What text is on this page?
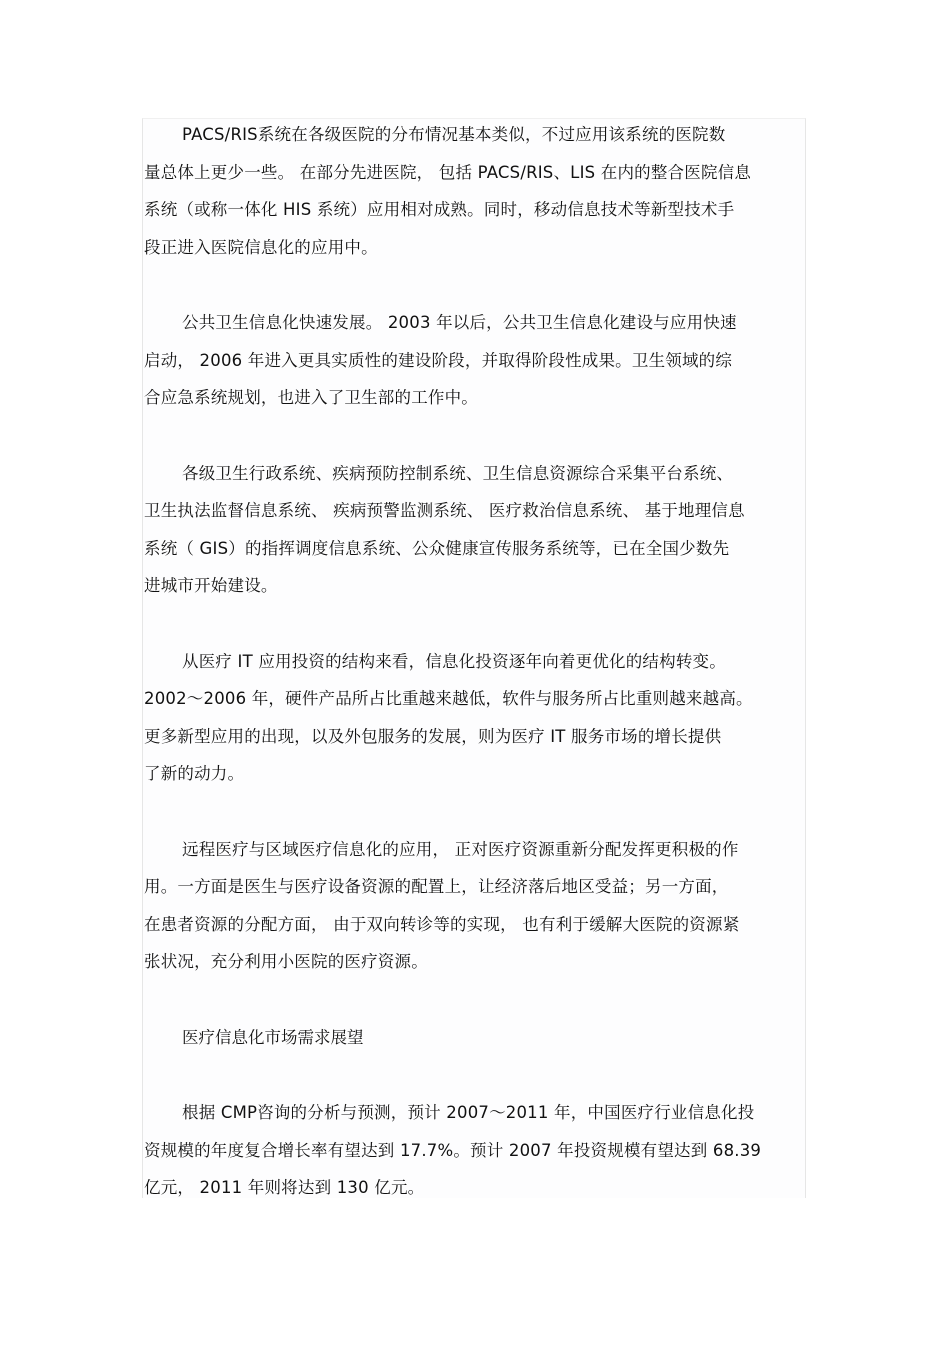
PACS/RIS系统在各级医院的分布情况基本类似，不过应用该系统的医院数
量总体上更少一些。 在部分先进医院， 包括 PACS/RIS、LIS 在内的整合医院信息
系统（或称一体化 HIS 系统）应用相对成熟。同时，移动信息技术等新型技术手
段正进入医院信息化的应用中。

公共卫生信息化快速发展。 2003 年以后，公共卫生信息化建设与应用快速
启动， 2006 年进入更具实质性的建设阶段，并取得阶段性成果。卫生领域的综
合应急系统规划，也进入了卫生部的工作中。

各级卫生行政系统、疾病预防控制系统、卫生信息资源综合采集平台系统、
卫生执法监督信息系统、 疾病预警监测系统、 医疗救治信息系统、 基于地理信息
系统（ GIS）的指挥调度信息系统、公众健康宣传服务系统等，已在全国少数先
进城市开始建设。

从医疗 IT 应用投资的结构来看，信息化投资逐年向着更优化的结构转变。
2002～2006 年，硬件产品所占比重越来越低，软件与服务所占比重则越来越高。
更多新型应用的出现，以及外包服务的发展，则为医疗 IT 服务市场的增长提供
了新的动力。

远程医疗与区域医疗信息化的应用， 正对医疗资源重新分配发挥更积极的作
用。一方面是医生与医疗设备资源的配置上，让经济落后地区受益；另一方面，
在患者资源的分配方面， 由于双向转诊等的实现， 也有利于缓解大医院的资源紧
张状况，充分利用小医院的医疗资源。

医疗信息化市场需求展望

根据 CMP咨询的分析与预测，预计 2007～2011 年，中国医疗行业信息化投
资规模的年度复合增长率有望达到 17.7%。预计 2007 年投资规模有望达到 68.39
亿元， 2011 年则将达到 130 亿元。
